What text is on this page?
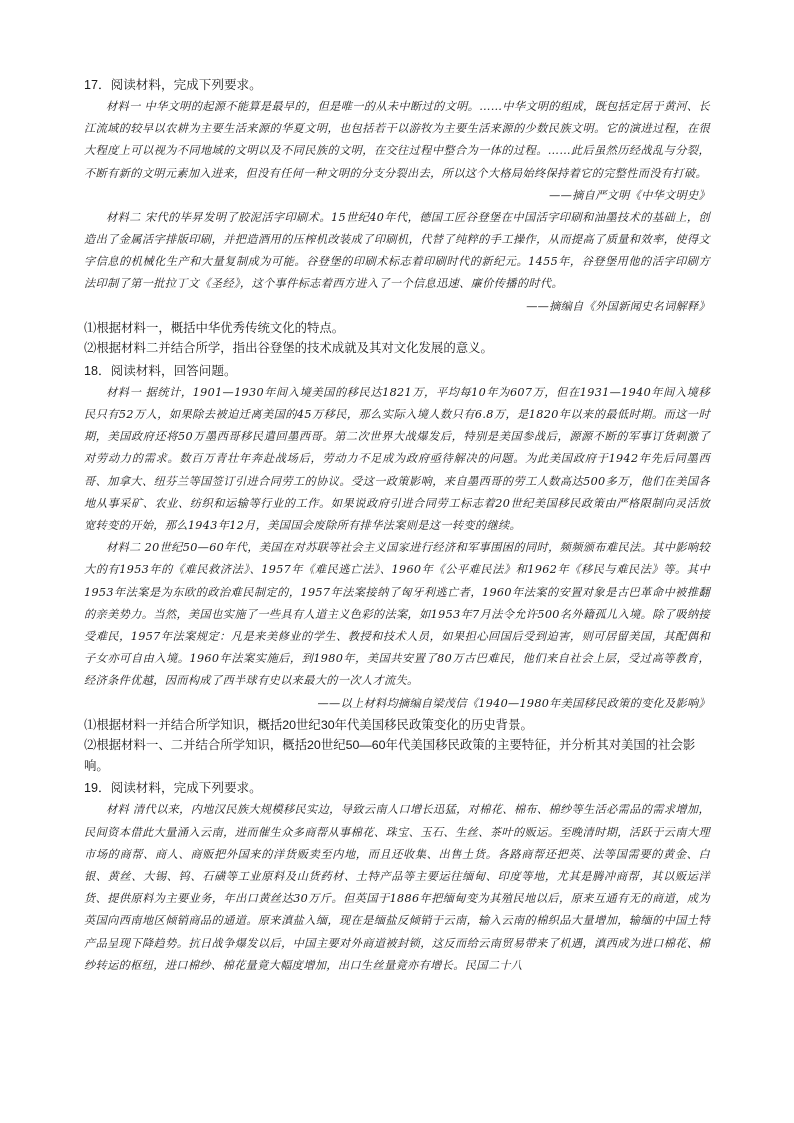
17．阅读材料，完成下列要求。

材料一 中华文明的起源不能算是最早的，但是唯一的从未中断过的文明。……中华文明的组成，既包括定居于黄河、长江流域的较早以农耕为主要生活来源的华夏文明，也包括若干以游牧为主要生活来源的少数民族文明。它的演进过程，在很大程度上可以视为不同地域的文明以及不同民族的文明，在交往过程中整合为一体的过程。……此后虽然历经战乱与分裂，不断有新的文明元素加入进来，但没有任何一种文明的分支分裂出去，所以这个大格局始终保持着它的完整性而没有打破。

——摘自严文明《中华文明史》

材料二 宋代的毕昇发明了胶泥活字印刷术。15世纪40年代，德国工匠谷登堡在中国活字印刷和油墨技术的基础上，创造出了金属活字排版印刷，并把造酒用的压榨机改装成了印刷机，代替了纯粹的手工操作，从而提高了质量和效率，使得文字信息的机械化生产和大量复制成为可能。谷登堡的印刷术标志着印刷时代的新纪元。1455年，谷登堡用他的活字印刷方法印制了第一批拉丁文《圣经》，这个事件标志着西方进入了一个信息迅速、廉价传播的时代。

——摘编自《外国新闻史名词解释》

⑴根据材料一，概括中华优秀传统文化的特点。

⑵根据材料二并结合所学，指出谷登堡的技术成就及其对文化发展的意义。

18．阅读材料，回答问题。

材料一 据统计，1901—1930年间入境美国的移民达1821万，平均每10年为607万，但在1931—1940年间入境移民只有52万人，如果除去被迫迁离美国的45万移民，那么实际入境人数只有6.8万，是1820年以来的最低时期。而这一时期，美国政府还将50万墨西哥移民遣回墨西哥。第二次世界大战爆发后，特别是美国参战后，源源不断的军事订货刺激了对劳动力的需求。数百万青壮年奔赴战场后，劳动力不足成为政府亟待解决的问题。为此美国政府于1942年先后同墨西哥、加拿大、纽芬兰等国签订引进合同劳工的协议。受这一政策影响，来自墨西哥的劳工人数高达500多万，他们在美国各地从事采矿、农业、纺织和运输等行业的工作。如果说政府引进合同劳工标志着20世纪美国移民政策由严格限制向灵活放宽转变的开始，那么1943年12月，美国国会废除所有排华法案则是这一转变的继续。

材料二 20世纪50—60年代，美国在对苏联等社会主义国家进行经济和军事围困的同时，频频颁布难民法。其中影响较大的有1953年的《难民救济法》、1957年《难民逃亡法》、1960年《公平难民法》和1962年《移民与难民法》等。其中1953年法案是为东欧的政治难民制定的，1957年法案接纳了匈牙利逃亡者，1960年法案的安置对象是古巴革命中被推翻的亲美势力。当然，美国也实施了一些具有人道主义色彩的法案，如1953年7月法令允许500名外籍孤儿入境。除了吸纳接受难民，1957年法案规定：凡是来美修业的学生、教授和技术人员，如果担心回国后受到迫害，则可居留美国，其配偶和子女亦可自由入境。1960年法案实施后，到1980年，美国共安置了80万古巴难民，他们来自社会上层，受过高等教育，经济条件优越，因而构成了西半球有史以来最大的一次人才流失。

——以上材料均摘编自梁茂信《1940—1980年美国移民政策的变化及影响》

⑴根据材料一并结合所学知识，概括20世纪30年代美国移民政策变化的历史背景。

⑵根据材料一、二并结合所学知识，概括20世纪50—60年代美国移民政策的主要特征，并分析其对美国的社会影响。

19．阅读材料，完成下列要求。

材料 清代以来，内地汉民族大规模移民实边，导致云南人口增长迅猛，对棉花、棉布、棉纱等生活必需品的需求增加，民间资本借此大量涌入云南，进而催生众多商帮从事棉花、珠宝、玉石、生丝、茶叶的贩运。至晚清时期，活跃于云南大理市场的商帮、商人、商贩把外国来的洋货贩卖至内地，而且还收集、出售土货。各路商帮还把英、法等国需要的黄金、白银、黄丝、大锡、钨、石磺等工业原料及山货药材、土特产品等主要运往缅甸、印度等地，尤其是腾冲商帮，其以贩运洋货、提供原料为主要业务，年出口黄丝达30万斤。但英国于1886年把缅甸变为其殖民地以后，原来互通有无的商道，成为英国向西南地区倾销商品的通道。原来滇盐入缅，现在是缅盐反倾销于云南，输入云南的棉织品大量增加，输缅的中国土特产品呈现下降趋势。抗日战争爆发以后，中国主要对外商道被封锁，这反而给云南贸易带来了机遇，滇西成为进口棉花、棉纱转运的枢纽，进口棉纱、棉花量竟大幅度增加，出口生丝量竟亦有增长。民国二十八
